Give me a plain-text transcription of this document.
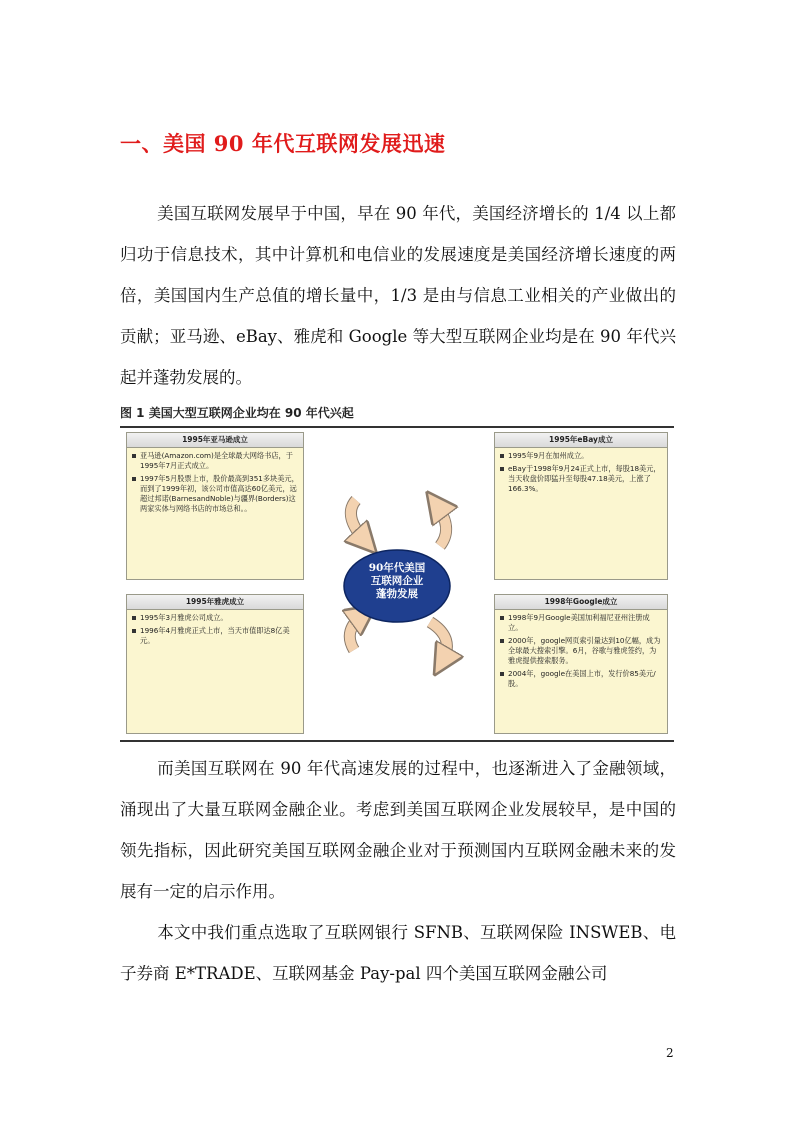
一、美国 90 年代互联网发展迅速

美国互联网发展早于中国，早在 90 年代，美国经济增长的 1/4 以上都归功于信息技术，其中计算机和电信业的发展速度是美国经济增长速度的两倍，美国国内生产总值的增长量中，1/3 是由与信息工业相关的产业做出的贡献；亚马逊、eBay、雅虎和 Google 等大型互联网企业均是在 90 年代兴起并蓬勃发展的。

图 1 美国大型互联网企业均在 90 年代兴起
90年代美国
互联网企业
蓬勃发展
1995年亚马逊成立
亚马逊(Amazon.com)是全球最大网络书店，于1995年7月正式成立。
1997年5月股票上市，股价最高到351多块美元，而到了1999年初，该公司市值高达60亿美元，远超过邦诺(BarnesandNoble)与疆界(Borders)这两家实体与网络书店的市场总和。。
1995年eBay成立
1995年9月在加州成立。
eBay于1998年9月24正式上市，每股18美元，当天收盘价即猛升至每股47.18美元，上涨了166.3%。
1995年雅虎成立
1995年3月雅虎公司成立。
1996年4月雅虎正式上市，当天市值即达8亿美元。
1998年Google成立
1998年9月Google美国加利福尼亚州注册成立。
2000年，google网页索引量达到10亿幅，成为全球最大搜索引擎。6月，谷歌与雅虎签约，为雅虎提供搜索服务。
2004年，google在美国上市，发行价85美元/股。

而美国互联网在 90 年代高速发展的过程中，也逐渐进入了金融领域，涌现出了大量互联网金融企业。考虑到美国互联网企业发展较早，是中国的领先指标，因此研究美国互联网金融企业对于预测国内互联网金融未来的发展有一定的启示作用。

本文中我们重点选取了互联网银行 SFNB、互联网保险 INSWEB、电子券商 E*TRADE、互联网基金 Pay-pal 四个美国互联网金融公司

2
